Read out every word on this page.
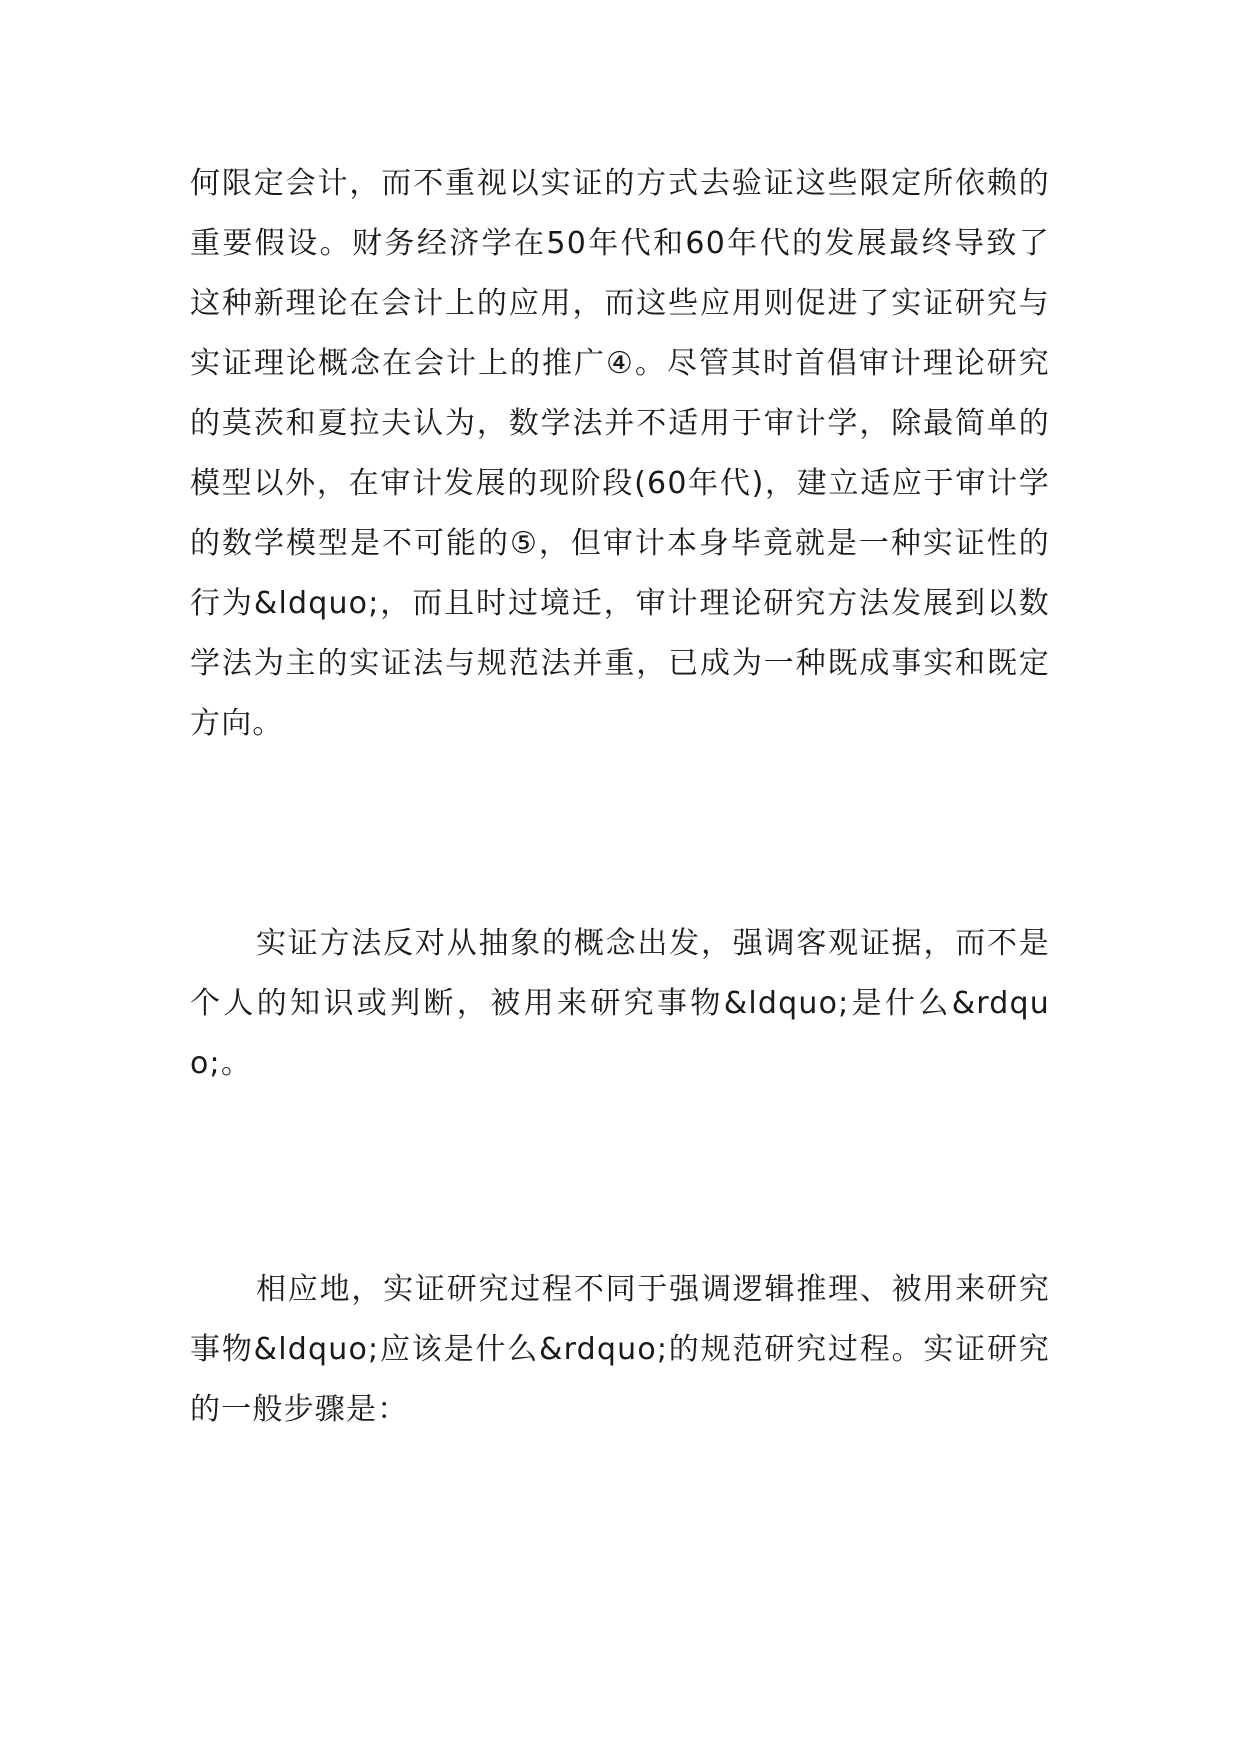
何限定会计，而不重视以实证的方式去验证这些限定所依赖的重要假设。财务经济学在50年代和60年代的发展最终导致了这种新理论在会计上的应用，而这些应用则促进了实证研究与实证理论概念在会计上的推广④。尽管其时首倡审计理论研究的莫茨和夏拉夫认为，数学法并不适用于审计学，除最简单的模型以外，在审计发展的现阶段(60年代)，建立适应于审计学的数学模型是不可能的⑤，但审计本身毕竟就是一种实证性的行为&ldquo;，而且时过境迁，审计理论研究方法发展到以数学法为主的实证法与规范法并重，已成为一种既成事实和既定方向。

实证方法反对从抽象的概念出发，强调客观证据，而不是个人的知识或判断，被用来研究事物&ldquo;是什么&rdquo;。

相应地，实证研究过程不同于强调逻辑推理、被用来研究事物&ldquo;应该是什么&rdquo;的规范研究过程。实证研究的一般步骤是：
